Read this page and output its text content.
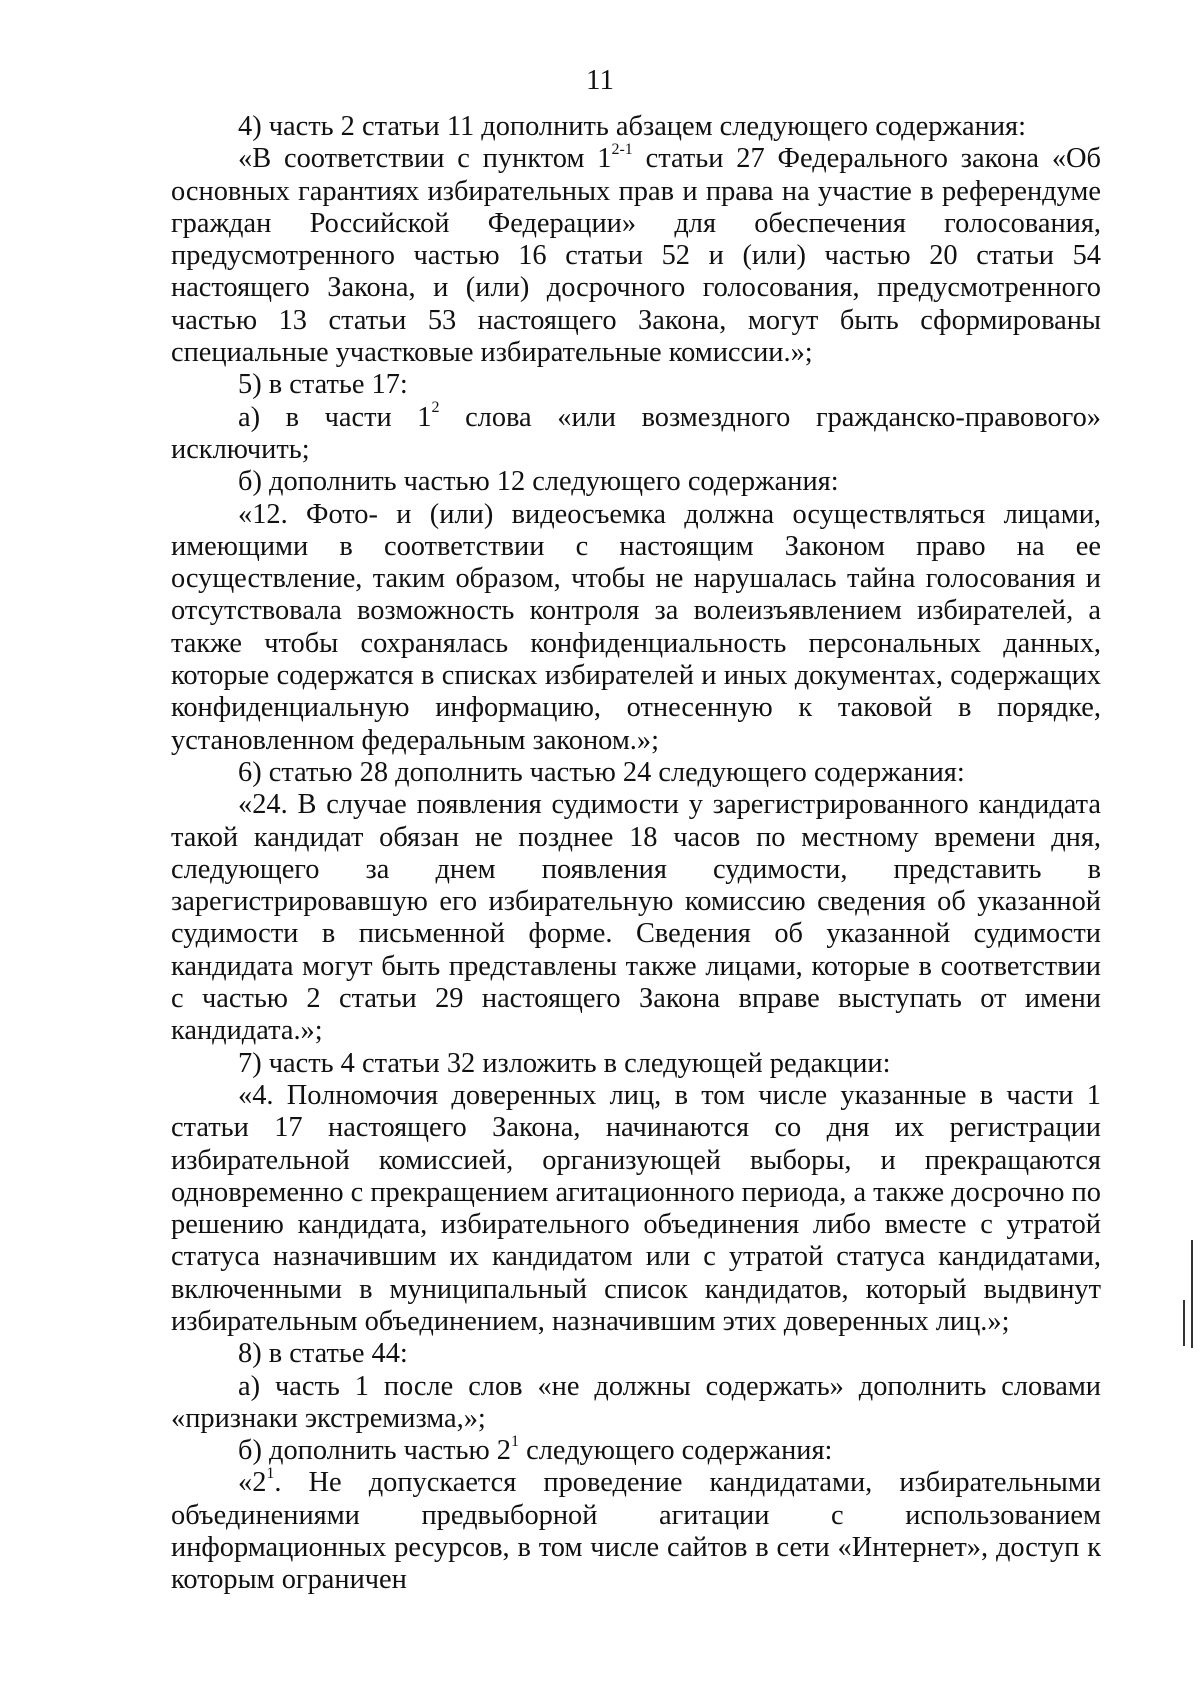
11

4) часть 2 статьи 11 дополнить абзацем следующего содержания:

«В соответствии с пунктом 1$^{2-1}$ статьи 27 Федерального закона «Об основных гарантиях избирательных прав и права на участие в референдуме граждан Российской Федерации» для обеспечения голосования, предусмотренного частью 16 статьи 52 и (или) частью 20 статьи 54 настоящего Закона, и (или) досрочного голосования, предусмотренного частью 13 статьи 53 настоящего Закона, могут быть сформированы специальные участковые избирательные комиссии.»;

5) в статье 17:

а) в части $1^2$ слова «или возмездного гражданско-правового» исключить;

б) дополнить частью 12 следующего содержания:

«12. Фото- и (или) видеосъемка должна осуществляться лицами, имеющими в соответствии с настоящим Законом право на ее осуществление, таким образом, чтобы не нарушалась тайна голосования и отсутствовала возможность контроля за волеизъявлением избирателей, а также чтобы сохранялась конфиденциальность персональных данных, которые содержатся в списках избирателей и иных документах, содержащих конфиденциальную информацию, отнесенную к таковой в порядке, установленном федеральным законом.»;

6) статью 28 дополнить частью 24 следующего содержания:

«24. В случае появления судимости у зарегистрированного кандидата такой кандидат обязан не позднее 18 часов по местному времени дня, следующего за днем появления судимости, представить в зарегистрировавшую его избирательную комиссию сведения об указанной судимости в письменной форме. Сведения об указанной судимости кандидата могут быть представлены также лицами, которые в соответствии с частью 2 статьи 29 настоящего Закона вправе выступать от имени кандидата.»;

7) часть 4 статьи 32 изложить в следующей редакции:

«4. Полномочия доверенных лиц, в том числе указанные в части 1 статьи 17 настоящего Закона, начинаются со дня их регистрации избирательной комиссией, организующей выборы, и прекращаются одновременно с прекращением агитационного периода, а также досрочно по решению кандидата, избирательного объединения либо вместе с утратой статуса назначившим их кандидатом или с утратой статуса кандидатами, включенными в муниципальный список кандидатов, который выдвинут избирательным объединением, назначившим этих доверенных лиц.»;

8) в статье 44:

а) часть 1 после слов «не должны содержать» дополнить словами «признаки экстремизма,»;

б) дополнить частью $2^1$ следующего содержания:

«$2^1$. Не допускается проведение кандидатами, избирательными объединениями предвыборной агитации с использованием информационных ресурсов, в том числе сайтов в сети «Интернет», доступ к которым ограничен
